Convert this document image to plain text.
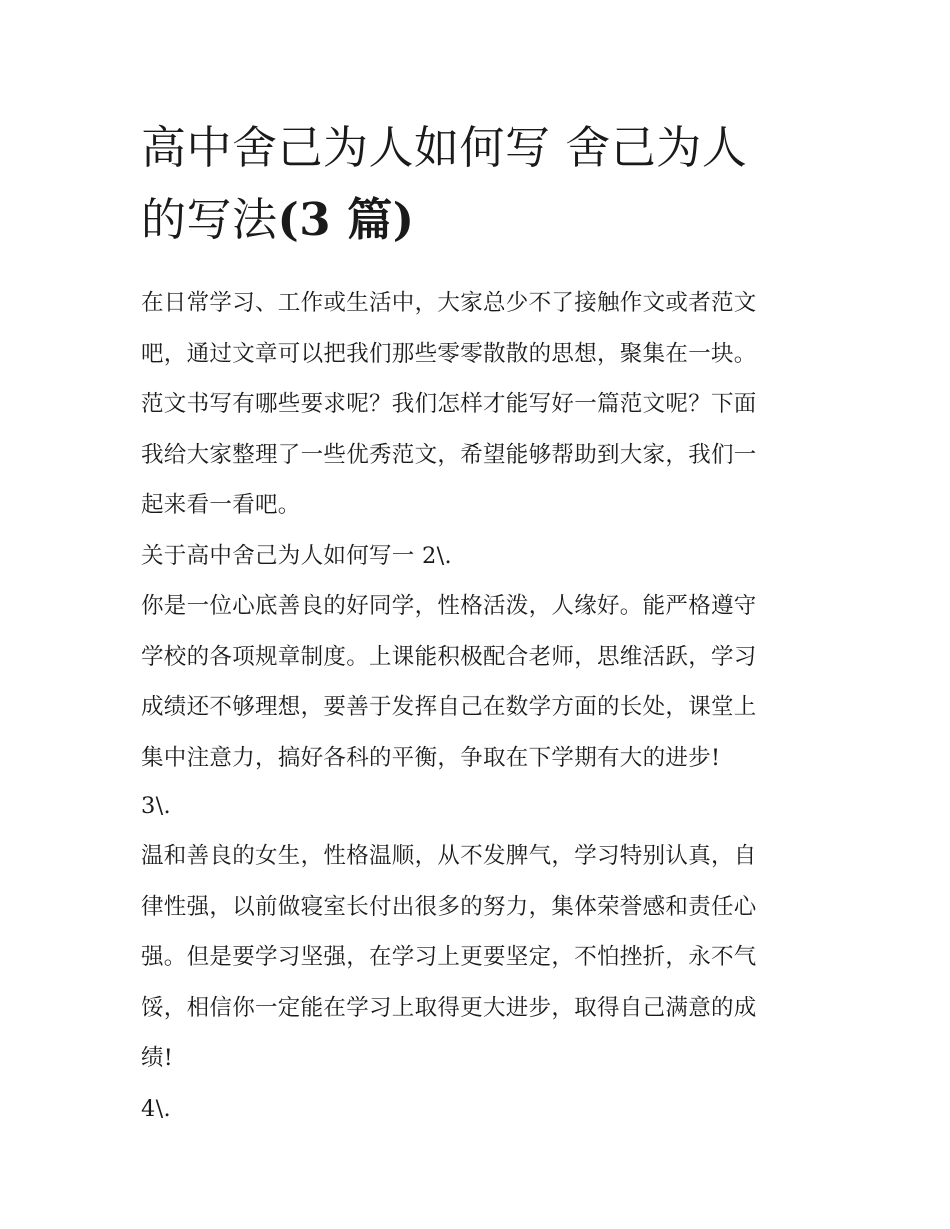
高中舍己为人如何写 舍己为人
的写法(3 篇)

在日常学习、工作或生活中，大家总少不了接触作文或者范文
吧，通过文章可以把我们那些零零散散的思想，聚集在一块。
范文书写有哪些要求呢？我们怎样才能写好一篇范文呢？下面
我给大家整理了一些优秀范文，希望能够帮助到大家，我们一
起来看一看吧。

关于高中舍己为人如何写一 2\.

你是一位心底善良的好同学，性格活泼，人缘好。能严格遵守
学校的各项规章制度。上课能积极配合老师，思维活跃，学习
成绩还不够理想，要善于发挥自己在数学方面的长处，课堂上
集中注意力，搞好各科的平衡，争取在下学期有大的进步!

3\.

温和善良的女生，性格温顺，从不发脾气，学习特别认真，自
律性强，以前做寝室长付出很多的努力，集体荣誉感和责任心
强。但是要学习坚强，在学习上更要坚定，不怕挫折，永不气
馁，相信你一定能在学习上取得更大进步，取得自己满意的成
绩!

4\.
